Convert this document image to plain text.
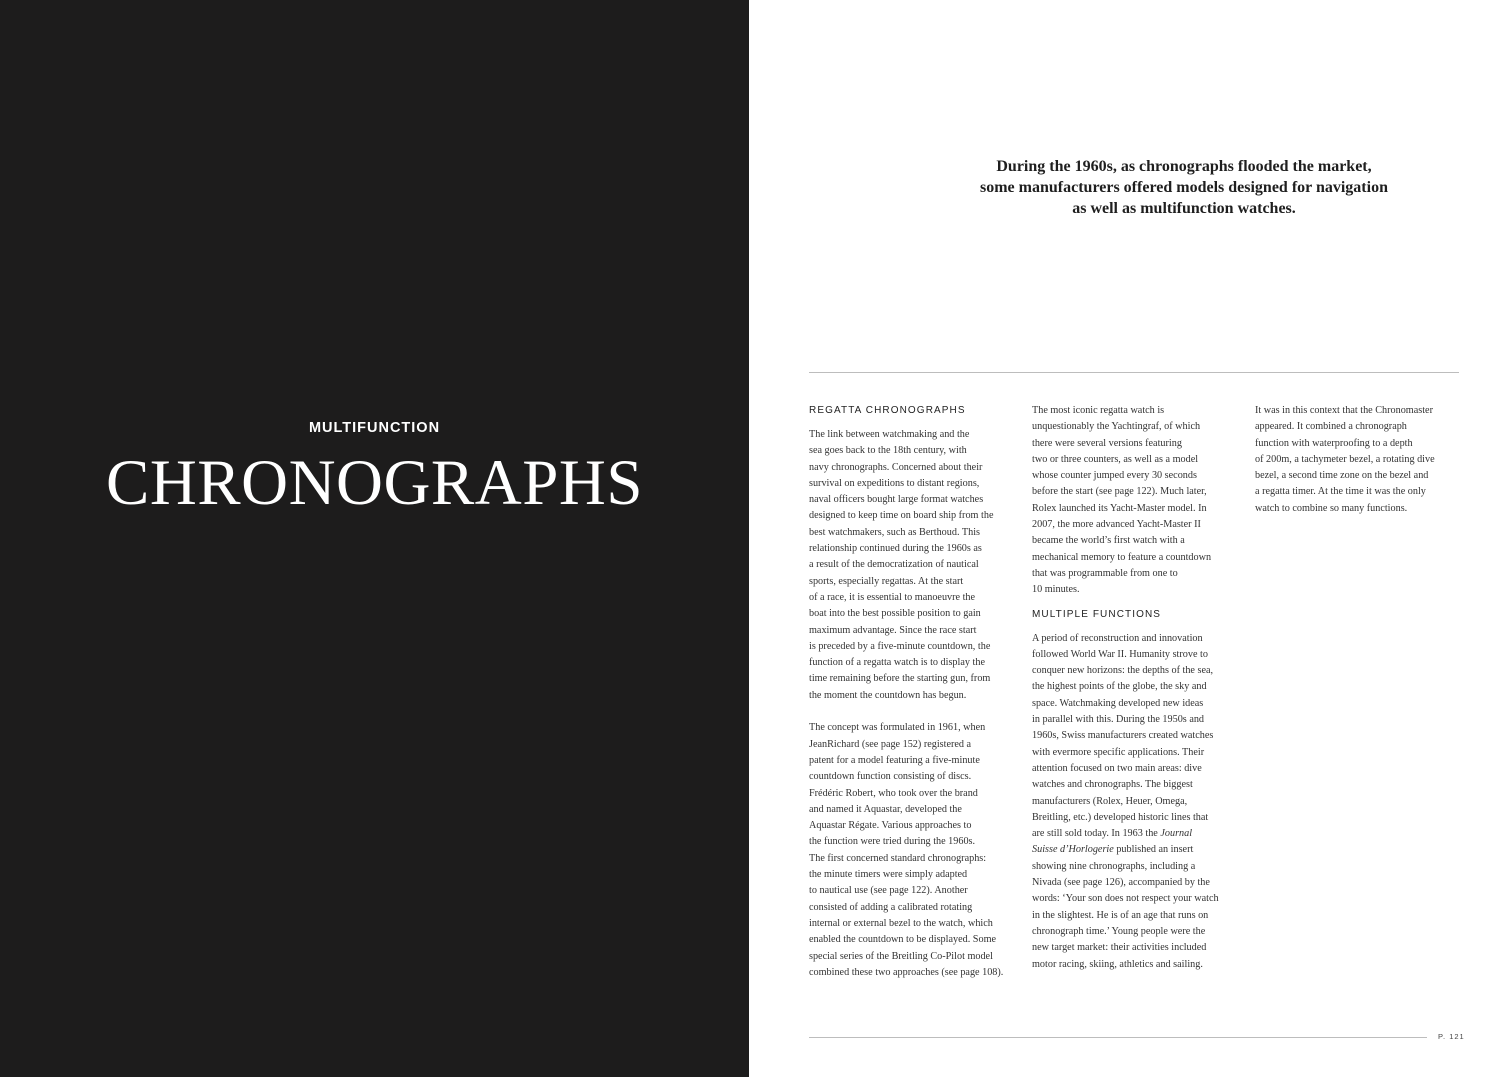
MULTIFUNCTION
CHRONOGRAPHS
During the 1960s, as chronographs flooded the market,
some manufacturers offered models designed for navigation
as well as multifunction watches.
REGATTA CHRONOGRAPHS
The link between watchmaking and the
sea goes back to the 18th century, with
navy chronographs. Concerned about their
survival on expeditions to distant regions,
naval officers bought large format watches
designed to keep time on board ship from the
best watchmakers, such as Berthoud. This
relationship continued during the 1960s as
a result of the democratization of nautical
sports, especially regattas. At the start
of a race, it is essential to manoeuvre the
boat into the best possible position to gain
maximum advantage. Since the race start
is preceded by a five-minute countdown, the
function of a regatta watch is to display the
time remaining before the starting gun, from
the moment the countdown has begun.
The concept was formulated in 1961, when
JeanRichard (see page 152) registered a
patent for a model featuring a five-minute
countdown function consisting of discs.
Frédéric Robert, who took over the brand
and named it Aquastar, developed the
Aquastar Régate. Various approaches to
the function were tried during the 1960s.
The first concerned standard chronographs:
the minute timers were simply adapted
to nautical use (see page 122). Another
consisted of adding a calibrated rotating
internal or external bezel to the watch, which
enabled the countdown to be displayed. Some
special series of the Breitling Co-Pilot model
combined these two approaches (see page 108).
The most iconic regatta watch is
unquestionably the Yachtingraf, of which
there were several versions featuring
two or three counters, as well as a model
whose counter jumped every 30 seconds
before the start (see page 122). Much later,
Rolex launched its Yacht-Master model. In
2007, the more advanced Yacht-Master II
became the world’s first watch with a
mechanical memory to feature a countdown
that was programmable from one to
10 minutes.
MULTIPLE FUNCTIONS
A period of reconstruction and innovation
followed World War II. Humanity strove to
conquer new horizons: the depths of the sea,
the highest points of the globe, the sky and
space. Watchmaking developed new ideas
in parallel with this. During the 1950s and
1960s, Swiss manufacturers created watches
with evermore specific applications. Their
attention focused on two main areas: dive
watches and chronographs. The biggest
manufacturers (Rolex, Heuer, Omega,
Breitling, etc.) developed historic lines that
are still sold today. In 1963 the Journal
Suisse d’Horlogerie published an insert
showing nine chronographs, including a
Nivada (see page 126), accompanied by the
words: ‘Your son does not respect your watch
in the slightest. He is of an age that runs on
chronograph time.’ Young people were the
new target market: their activities included
motor racing, skiing, athletics and sailing.
It was in this context that the Chronomaster
appeared. It combined a chronograph
function with waterproofing to a depth
of 200m, a tachymeter bezel, a rotating dive
bezel, a second time zone on the bezel and
a regatta timer. At the time it was the only
watch to combine so many functions.
P. 121
